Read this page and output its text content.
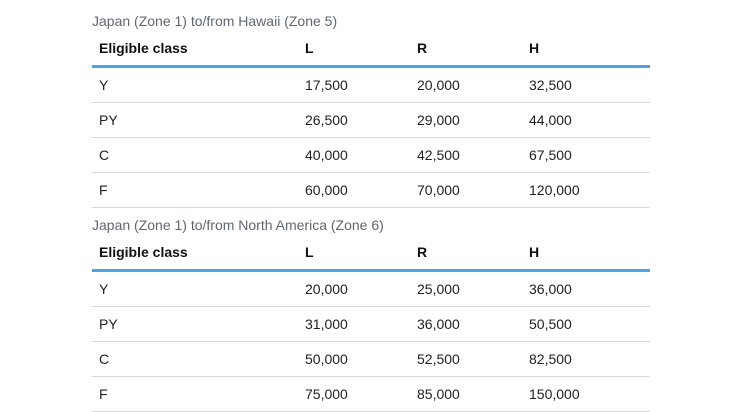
Japan (Zone 1) to/from Hawaii (Zone 5)
Eligible class	L	R	H
Y	17,500	20,000	32,500
PY	26,500	29,000	44,000
C	40,000	42,500	67,500
F	60,000	70,000	120,000
Japan (Zone 1) to/from North America (Zone 6)
Eligible class	L	R	H
Y	20,000	25,000	36,000
PY	31,000	36,000	50,500
C	50,000	52,500	82,500
F	75,000	85,000	150,000
